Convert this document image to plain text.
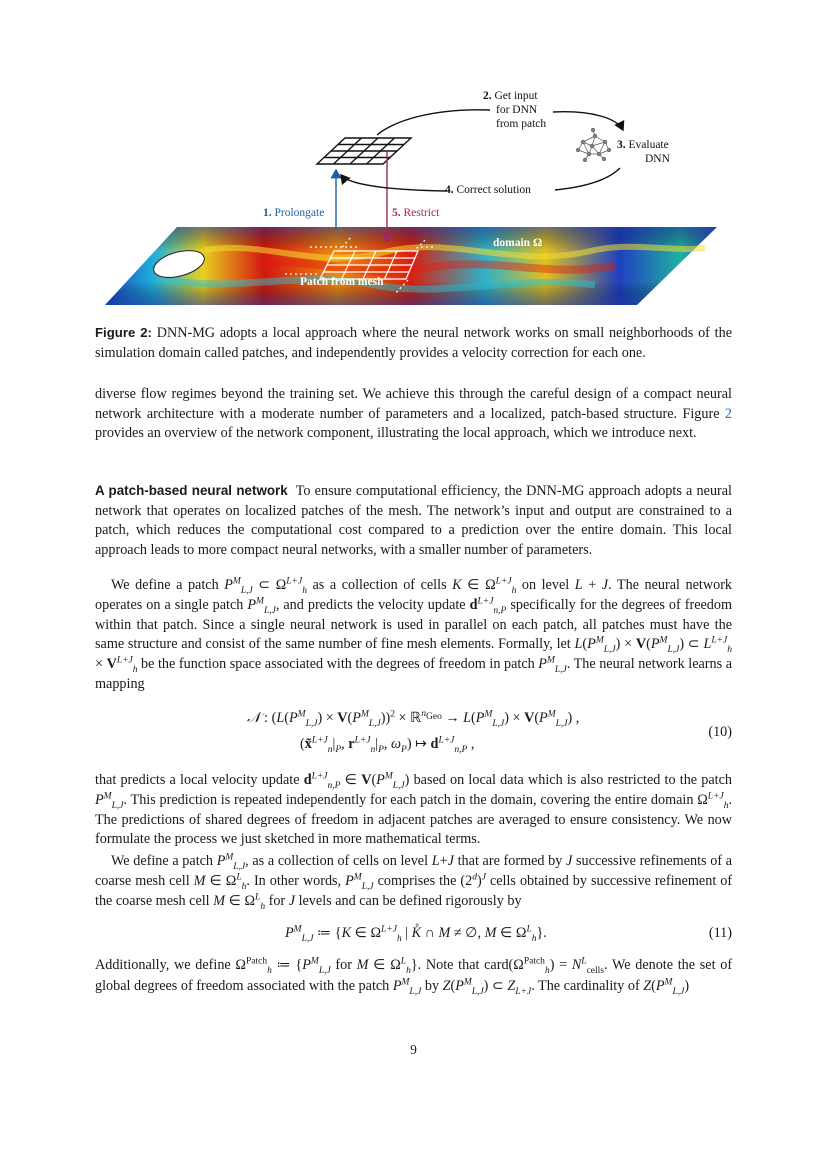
2. Get input
for DNN
from patch
3. Evaluate
DNN
4. Correct solution
1. Prolongate	5. Restrict
domain Ω
Patch from mesh
Figure 2: DNN-MG adopts a local approach where the neural network works on small neighborhoods of the simulation domain called patches, and independently provides a velocity correction for each one.

diverse flow regimes beyond the training set. We achieve this through the careful design of a compact neural network architecture with a moderate number of parameters and a localized, patch-based structure. Figure 2 provides an overview of the network component, illustrating the local approach, which we introduce next.

A patch-based neural network To ensure computational efficiency, the DNN-MG approach adopts a neural network that operates on localized patches of the mesh. The network’s input and output are constrained to a patch, which reduces the computational cost compared to a prediction over the entire domain. This local approach leads to more compact neural networks, with a smaller number of parameters.

We define a patch $P^M_{L,J}$ ⊂ $\Omega^{L+J}_h$ as a collection of cells K ∈ $\Omega^{L+J}_h$ on level L + J. The neural network operates on a single patch $P^M_{L,J}$, and predicts the velocity update $d^{L+J}_{n,P}$ specifically for the degrees of freedom within that patch. Since a single neural network is used in parallel on each patch, all patches must have the same structure and consist of the same number of fine mesh elements. Formally, let $L(P^M_{L,J}) \times V(P^M_{L,J})$ ⊂ $L^{L+J}_h \times V^{L+J}_h$ be the function space associated with the degrees of freedom in patch $P^M_{L,J}$. The neural network learns a mapping

𝒩 : $(L(P^M_{L,J}) \times V(P^M_{L,J}))^2$ × ℝ$^{n_{Geo}}$ → $L(P^M_{L,J}) \times V(P^M_{L,J})$ ,
($x̃^{L+J}_n|_P$, $r^{L+J}_n|_P$, $\omega_P$) ↦ $d^{L+J}_{n,P}$ ,
(10)

that predicts a local velocity update $d^{L+J}_{n,P}$ ∈ $V(P^M_{L,J})$ based on local data which is also restricted to the patch $P^M_{L,J}$. This prediction is repeated independently for each patch in the domain, covering the entire domain $\Omega^{L+J}_h$. The predictions of shared degrees of freedom in adjacent patches are averaged to ensure consistency. We now formulate the process we just sketched in more mathematical terms.

We define a patch $P^M_{L,J}$, as a collection of cells on level L+J that are formed by J successive refinements of a coarse mesh cell M ∈ $\Omega^L_h$. In other words, $P^M_{L,J}$ comprises the $(2^d)^J$ cells obtained by successive refinement of the coarse mesh cell M ∈ $\Omega^L_h$ for J levels and can be defined rigorously by

$P^M_{L,J}$ ≔ {K ∈ $\Omega^{L+J}_h$ | K̊ ∩ M ≠ ∅, M ∈ $\Omega^L_h$}.	(11)

Additionally, we define $\Omega^{Patch}_h$ ≔ {$P^M_{L,J}$ for M ∈ $\Omega^L_h$}. Note that $card(\Omega^{Patch}_h) = N^L_{cells}$. We denote the set of global degrees of freedom associated with the patch $P^M_{L,J}$ by $Z(P^M_{L,J})$ ⊂ $Z_{L+J}$. The cardinality of $Z(P^M_{L,J})$

9
